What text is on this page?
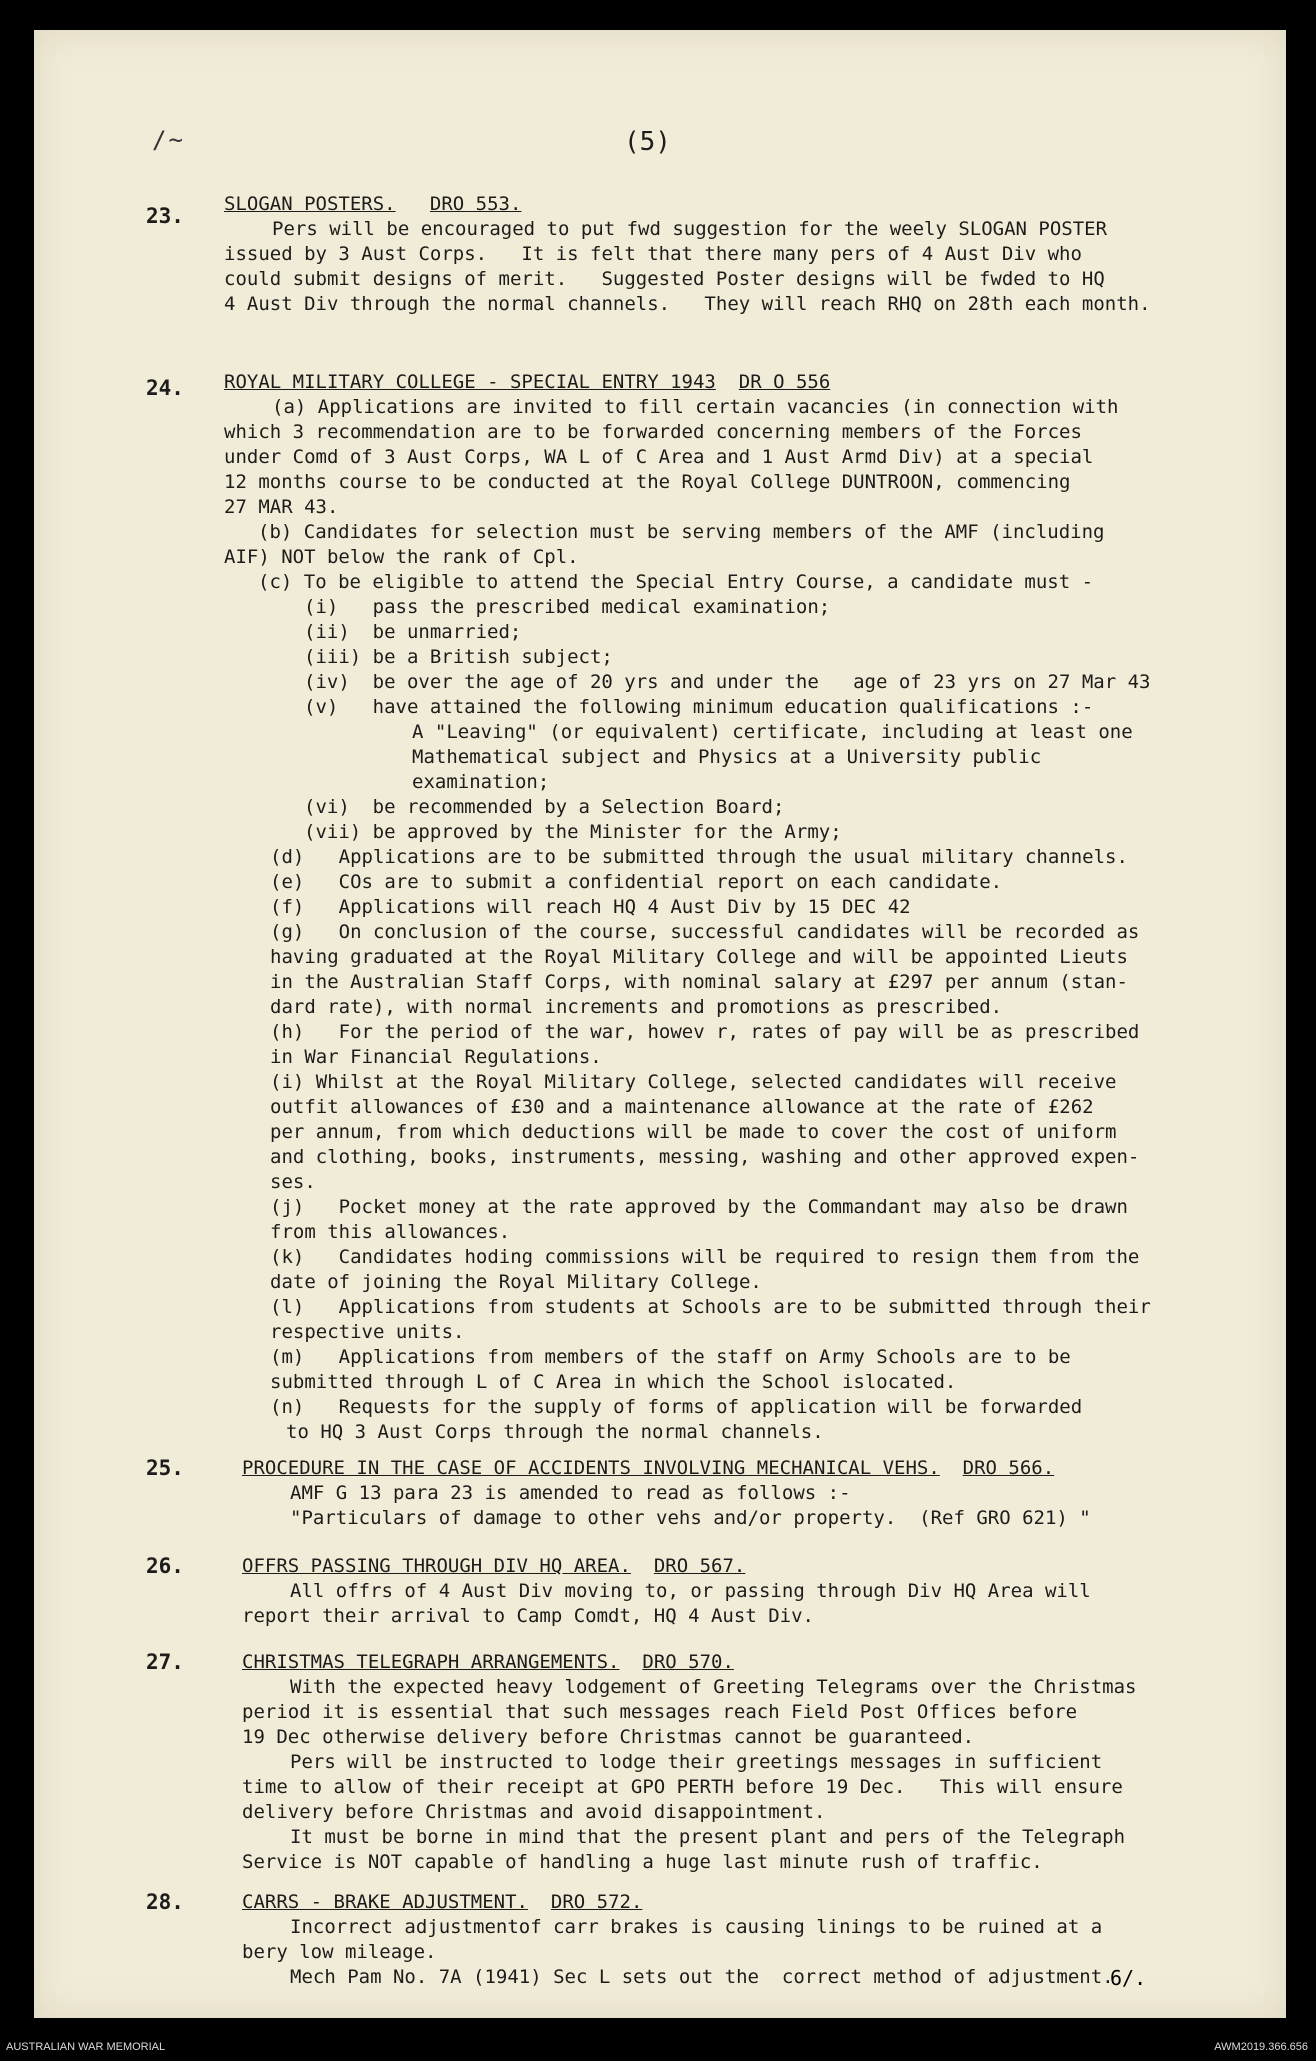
/~	(5)
23. SLOGAN POSTERS. DRO 553.
Pers will be encouraged to put fwd suggestion for the weely SLOGAN POSTER
issued by 3 Aust Corps.   It is felt that there many pers of 4 Aust Div who
could submit designs of merit.   Suggested Poster designs will be fwded to HQ
4 Aust Div through the normal channels.   They will reach RHQ on 28th each month.
24. ROYAL MILITARY COLLEGE - SPECIAL ENTRY 1943 DR O 556
(a) Applications are invited to fill certain vacancies (in connection with
which 3 recommendation are to be forwarded concerning members of the Forces
under Comd of 3 Aust Corps, WA L of C Area and 1 Aust Armd Div) at a special
12 months course to be conducted at the Royal College DUNTROON, commencing
27 MAR 43.
(b) Candidates for selection must be serving members of the AMF (including
AIF) NOT below the rank of Cpl.
(c) To be eligible to attend the Special Entry Course, a candidate must -
(i)   pass the prescribed medical examination;
(ii)  be unmarried;
(iii) be a British subject;
(iv)  be over the age of 20 yrs and under the   age of 23 yrs on 27 Mar 43
(v)   have attained the following minimum education qualifications :-
A "Leaving" (or equivalent) certificate, including at least one
Mathematical subject and Physics at a University public
examination;
(vi)  be recommended by a Selection Board;
(vii) be approved by the Minister for the Army;
(d)   Applications are to be submitted through the usual military channels.
(e)   COs are to submit a confidential report on each candidate.
(f)   Applications will reach HQ 4 Aust Div by 15 DEC 42
(g)   On conclusion of the course, successful candidates will be recorded as
having graduated at the Royal Military College and will be appointed Lieuts
in the Australian Staff Corps, with nominal salary at £297 per annum (stan-
dard rate), with normal increments and promotions as prescribed.
(h)   For the period of the war, howev r, rates of pay will be as prescribed
in War Financial Regulations.
(i) Whilst at the Royal Military College, selected candidates will receive
outfit allowances of £30 and a maintenance allowance at the rate of £262
per annum, from which deductions will be made to cover the cost of uniform
and clothing, books, instruments, messing, washing and other approved expen-
ses.
(j)   Pocket money at the rate approved by the Commandant may also be drawn
from this allowances.
(k)   Candidates hoding commissions will be required to resign them from the
date of joining the Royal Military College.
(l)   Applications from students at Schools are to be submitted through their
respective units.
(m)   Applications from members of the staff on Army Schools are to be
submitted through L of C Area in which the School islocated.
(n)   Requests for the supply of forms of application will be forwarded
to HQ 3 Aust Corps through the normal channels.
25.	PROCEDURE IN THE CASE OF ACCIDENTS INVOLVING MECHANICAL VEHS. DRO 566.
AMF G 13 para 23 is amended to read as follows :-
"Particulars of damage to other vehs and/or property.  (Ref GRO 621) "
26.	OFFRS PASSING THROUGH DIV HQ AREA. DRO 567.
All offrs of 4 Aust Div moving to, or passing through Div HQ Area will
report their arrival to Camp Comdt, HQ 4 Aust Div.
27.	CHRISTMAS TELEGRAPH ARRANGEMENTS. DRO 570.
With the expected heavy lodgement of Greeting Telegrams over the Christmas
period it is essential that such messages reach Field Post Offices before
19 Dec otherwise delivery before Christmas cannot be guaranteed.
Pers will be instructed to lodge their greetings messages in sufficient
time to allow of their receipt at GPO PERTH before 19 Dec.   This will ensure
delivery before Christmas and avoid disappointment.
It must be borne in mind that the present plant and pers of the Telegraph
Service is NOT capable of handling a huge last minute rush of traffic.
28.	CARRS - BRAKE ADJUSTMENT. DRO 572.
Incorrect adjustmentof carr brakes is causing linings to be ruined at a
bery low mileage.
Mech Pam No. 7A (1941) Sec L sets out the  correct method of adjustment.
6/.
AUSTRALIAN WAR MEMORIAL	AWM2019.366.656
